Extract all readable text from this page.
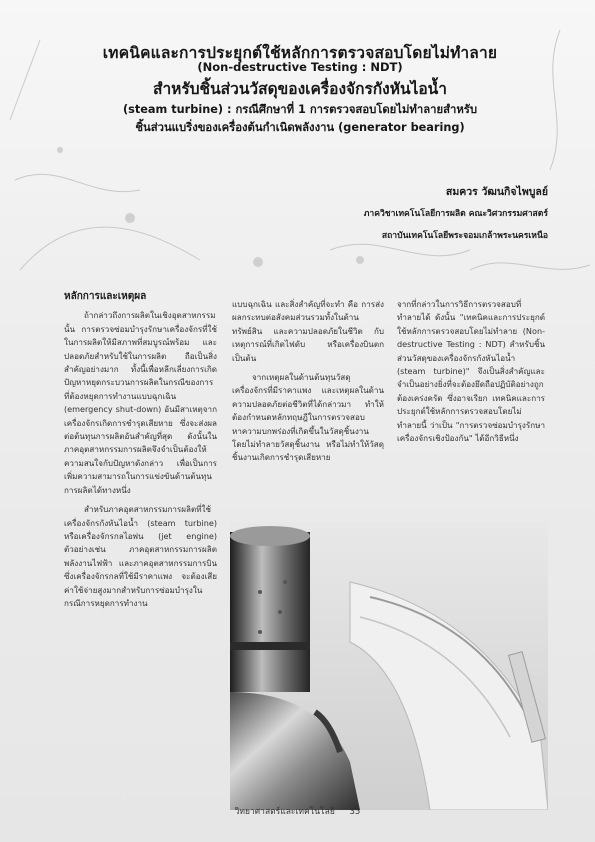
เทคนิคและการประยุกต์ใช้หลักการตรวจสอบโดยไม่ทำลาย
(Non-destructive Testing : NDT)
สำหรับชิ้นส่วนวัสดุของเครื่องจักรกังหันไอน้ำ
(steam turbine) : กรณีศึกษาที่ 1 การตรวจสอบโดยไม่ทำลายสำหรับ
ชิ้นส่วนแบริ่งของเครื่องต้นกำเนิดพลังงาน (generator bearing)
สมควร วัฒนกิจไพบูลย์
ภาควิชาเทคโนโลยีการผลิต คณะวิศวกรรมศาสตร์
สถาบันเทคโนโลยีพระจอมเกล้าพระนครเหนือ

หลักการและเหตุผล

ถ้ากล่าวถึงการผลิตในเชิงอุตสาหกรรมนั้น การตรวจซ่อมบำรุงรักษาเครื่องจักรที่ใช้ในการผลิตให้มีสภาพที่สมบูรณ์พร้อม และปลอดภัยสำหรับใช้ในการผลิต ถือเป็นสิ่งสำคัญอย่างมาก ทั้งนี้เพื่อหลีกเลี่ยงการเกิดปัญหาหยุดกระบวนการผลิตในกรณีของการที่ต้องหยุดการทำงานแบบฉุกเฉิน (emergency shut-down) อันมีสาเหตุจากเครื่องจักรเกิดการชำรุดเสียหาย ซึ่งจะส่งผลต่อต้นทุนการผลิตอันสำคัญที่สุด ดังนั้นในภาคอุตสาหกรรมการผลิตจึงจำเป็นต้องให้ความสนใจกับปัญหาดังกล่าว เพื่อเป็นการเพิ่มความสามารถในการแข่งขันด้านต้นทุนการผลิตได้ทางหนึ่ง

สำหรับภาคอุตสาหกรรมการผลิตที่ใช้เครื่องจักรกังหันไอน้ำ (steam turbine) หรือเครื่องจักรกลไอพ่น (jet engine) ตัวอย่างเช่น ภาคอุตสาหกรรมการผลิตพลังงานไฟฟ้า และภาคอุตสาหกรรมการบิน ซึ่งเครื่องจักรกลที่ใช้มีราคาแพง จะต้องเสียค่าใช้จ่ายสูงมากสำหรับการซ่อมบำรุงในกรณีการหยุดการทำงาน

แบบฉุกเฉิน และสิ่งสำคัญที่จะทำ คือ การส่งผลกระทบต่อสังคมส่วนรวมทั้งในด้านทรัพย์สิน และความปลอดภัยในชีวิต กับเหตุการณ์ที่เกิดไฟดับ หรือเครื่องบินตก เป็นต้น

จากเหตุผลในด้านต้นทุนวัสดุเครื่องจักรที่มีราคาแพง และเหตุผลในด้านความปลอดภัยต่อชีวิตที่ได้กล่าวมา ทำให้ต้องกำหนดหลักทฤษฎีในการตรวจสอบหาความบกพร่องที่เกิดขึ้นในวัสดุชิ้นงาน โดยไม่ทำลายวัสดุชิ้นงาน หรือไม่ทำให้วัสดุชิ้นงานเกิดการชำรุดเสียหาย

จากที่กล่าวในการวิธีการตรวจสอบที่ทำลายได้ ดังนั้น "เทคนิคและการประยุกต์ใช้หลักการตรวจสอบโดยไม่ทำลาย (Non-destructive Testing : NDT) สำหรับชิ้นส่วนวัสดุของเครื่องจักรกังหันไอน้ำ (steam turbine)" จึงเป็นสิ่งสำคัญและจำเป็นอย่างยิ่งที่จะต้องยึดถือปฏิบัติอย่างถูกต้องเคร่งครัด ซึ่งอาจเรียก เทคนิคและการประยุกต์ใช้หลักการตรวจสอบโดยไม่ทำลายนี้ ว่าเป็น "การตรวจซ่อมบำรุงรักษาเครื่องจักรเชิงป้องกัน" ได้อีกวิธีหนึ่ง

วิทยาศาสตร์และเทคโนโลยี 35
